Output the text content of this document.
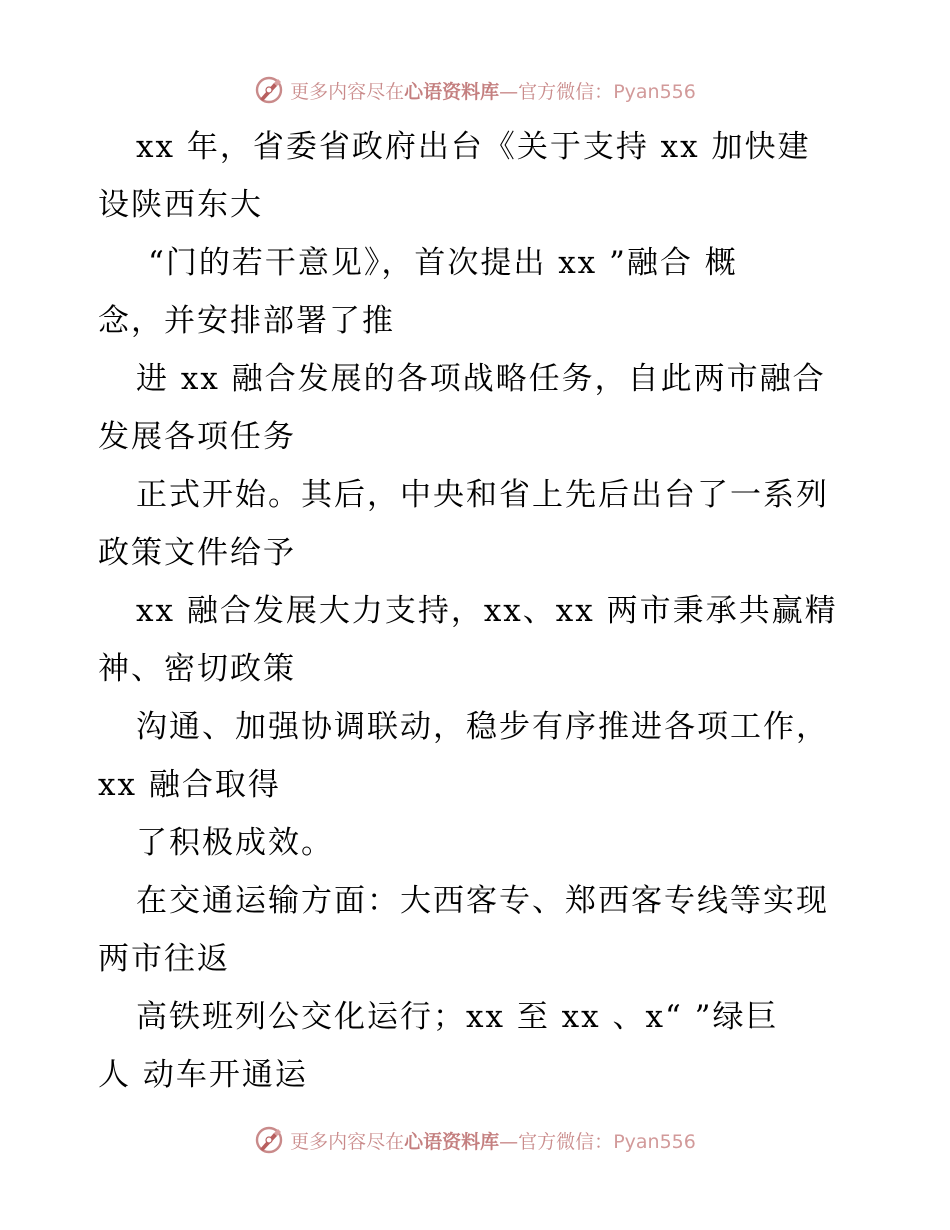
更多内容尽在心语资料库—官方微信：Pyan556
xx 年，省委省政府出台《关于支持 xx 加快建
设陕西东大
“门的若干意见》，首次提出 xx ”融合 概
念，并安排部署了推
进 xx 融合发展的各项战略任务，自此两市融合
发展各项任务
正式开始。其后，中央和省上先后出台了一系列
政策文件给予
xx 融合发展大力支持，xx、xx 两市秉承共赢精
神、密切政策
沟通、加强协调联动，稳步有序推进各项工作，
xx 融合取得
了积极成效。
在交通运输方面：大西客专、郑西客专线等实现
两市往返
高铁班列公交化运行；xx 至 xx 、x“ ”绿巨
人 动车开通运
更多内容尽在心语资料库—官方微信：Pyan556
